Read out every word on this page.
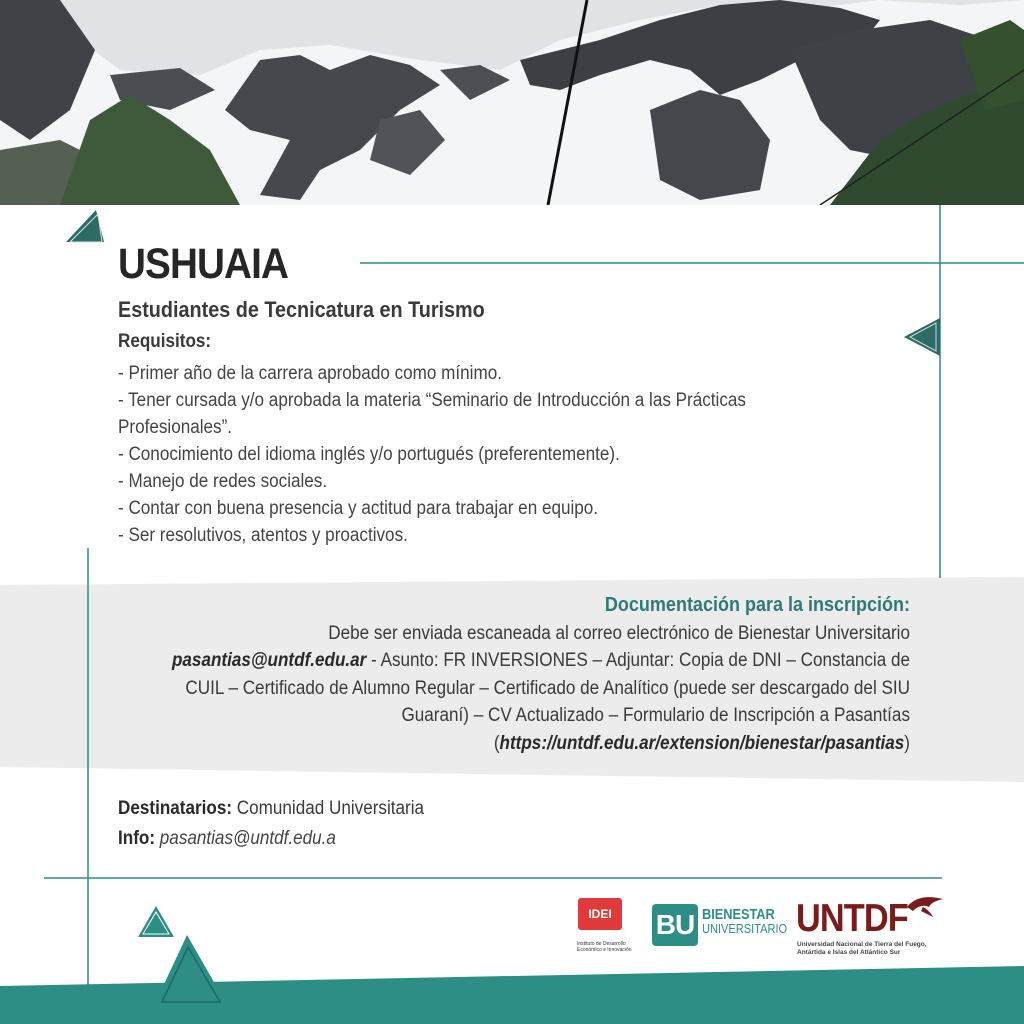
USHUAIA
Estudiantes de Tecnicatura en Turismo
Requisitos:
- Primer año de la carrera aprobado como mínimo.
- Tener cursada y/o aprobada la materia “Seminario de Introducción a las Prácticas Profesionales”.
- Conocimiento del idioma inglés y/o portugués (preferentemente).
- Manejo de redes sociales.
- Contar con buena presencia y actitud para trabajar en equipo.
- Ser resolutivos, atentos y proactivos.
Documentación para la inscripción:

Debe ser enviada escaneada al correo electrónico de Bienestar Universitario

pasantias@untdf.edu.ar - Asunto: FR INVERSIONES – Adjuntar: Copia de DNI – Constancia de CUIL – Certificado de Alumno Regular – Certificado de Analítico (puede ser descargado del SIU Guaraní) – CV Actualizado – Formulario de Inscripción a Pasantías

(https://untdf.edu.ar/extension/bienestar/pasantias)

Destinatarios: Comunidad Universitaria
Info: pasantias@untdf.edu.a
IDEI
Instituto de Desarrollo Económico e Innovación
BU BIENESTAR
UNIVERSITARIO UNTDF
Universidad Nacional de Tierra del Fuego, Antártida e Islas del Atlántico Sur
